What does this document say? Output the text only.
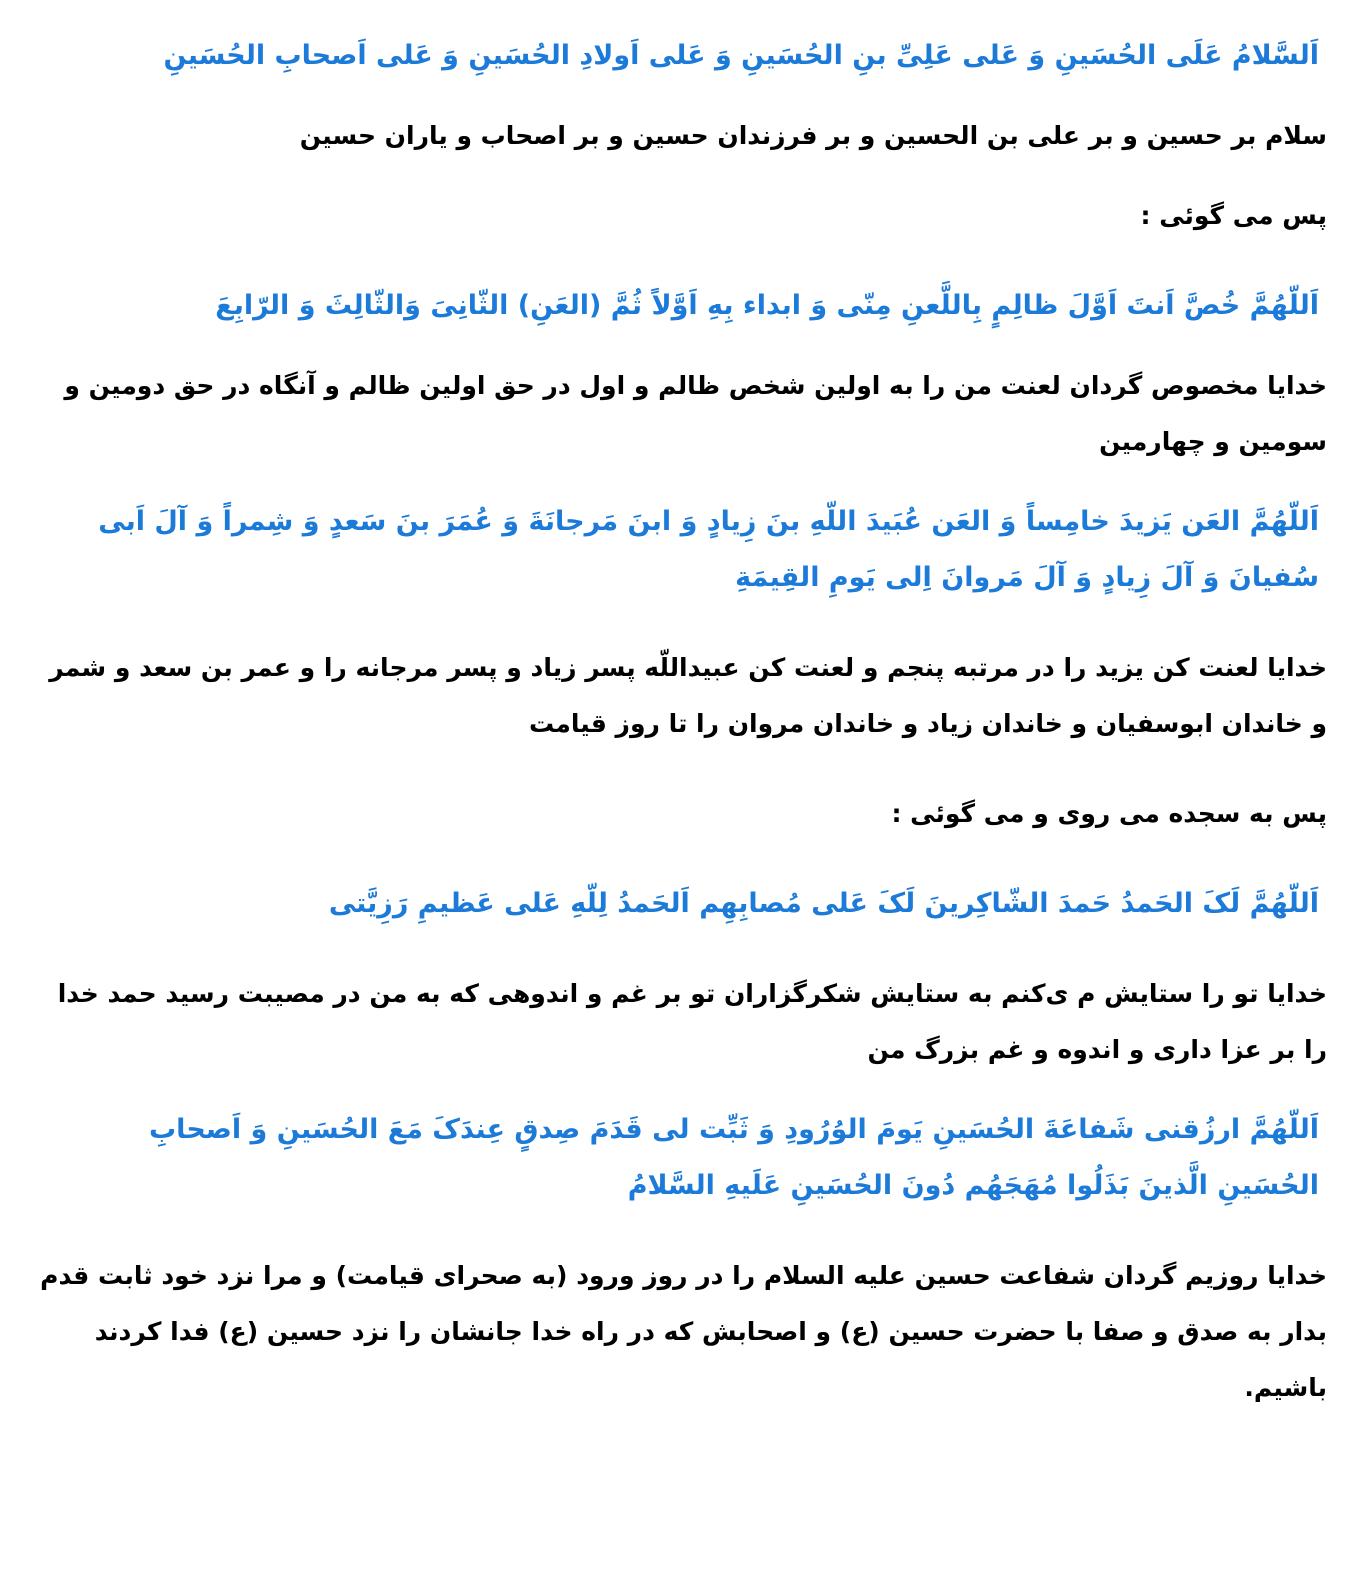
اَلسَّلامُ عَلَى الحُسَینِ وَ عَلى عَلِیِّ بنِ الحُسَینِ وَ عَلى اَولادِ الحُسَینِ وَ عَلى اَصحابِ الحُسَینِ

سلام بر حسین و بر علی بن الحسین و بر فرزندان حسین و بر اصحاب و یاران حسین

پس می گوئی :

اَللّهُمَّ خُصَّ اَنتَ اَوَّلَ ظالِمٍ بِاللَّعنِ مِنّی وَ ابداء بِهِ اَوَّلاً ثُمَّ (العَنِ) الثّانِیَ وَالثّالِثَ وَ الرّابِعَ

خدایا مخصوص گردان لعنت من را به اولین شخص ظالم و اول در حق اولین ظالم و آنگاه در حق دومین و سومین و چهارمین

اَللّهُمَّ العَن یَزیدَ خامِساً وَ العَن عُبَیدَ اللّهِ بنَ زِیادٍ وَ ابنَ مَرجانَةَ وَ عُمَرَ بنَ سَعدٍ وَ شِمراً وَ آلَ اَبی سُفیانَ وَ آلَ زِیادٍ وَ آلَ مَروانَ اِلی یَومِ القِیمَةِ

خدایا لعنت کن یزید را در مرتبه پنجم و لعنت کن عبیداللّه پسر زیاد و پسر مرجانه را و عمر بن سعد و شمر و خاندان ابوسفیان و خاندان زیاد و خاندان مروان را تا روز قیامت

پس به سجده می روی و می گوئی :

اَللّهُمَّ لَکَ الحَمدُ حَمدَ الشّاکِرینَ لَکَ عَلى مُصابِهِم اَلحَمدُ لِلّهِ عَلى عَظیمِ رَزِیَّتی

خدایا تو را ستایش م ی‌کنم به ستایش شکرگزاران تو بر غم و اندوهی که به من در مصیبت رسید حمد خدا را بر عزا داری و اندوه و غم بزرگ من

اَللّهُمَّ ارزُقنی شَفاعَةَ الحُسَینِ یَومَ الوُرُودِ وَ ثَبِّت لی قَدَمَ صِدقٍ عِندَکَ مَعَ الحُسَینِ وَ اَصحابِ الحُسَینِ الَّذینَ بَذَلُوا مُهَجَهُم دُونَ الحُسَینِ عَلَیهِ السَّلامُ

خدایا روزیم گردان شفاعت حسین علیه السلام را در روز ورود (به صحرای قیامت) و مرا نزد خود ثابت قدم بدار به صدق و صفا با حضرت حسین (ع) و اصحابش که در راه خدا جانشان را نزد حسین (ع) فدا کردند باشیم.
